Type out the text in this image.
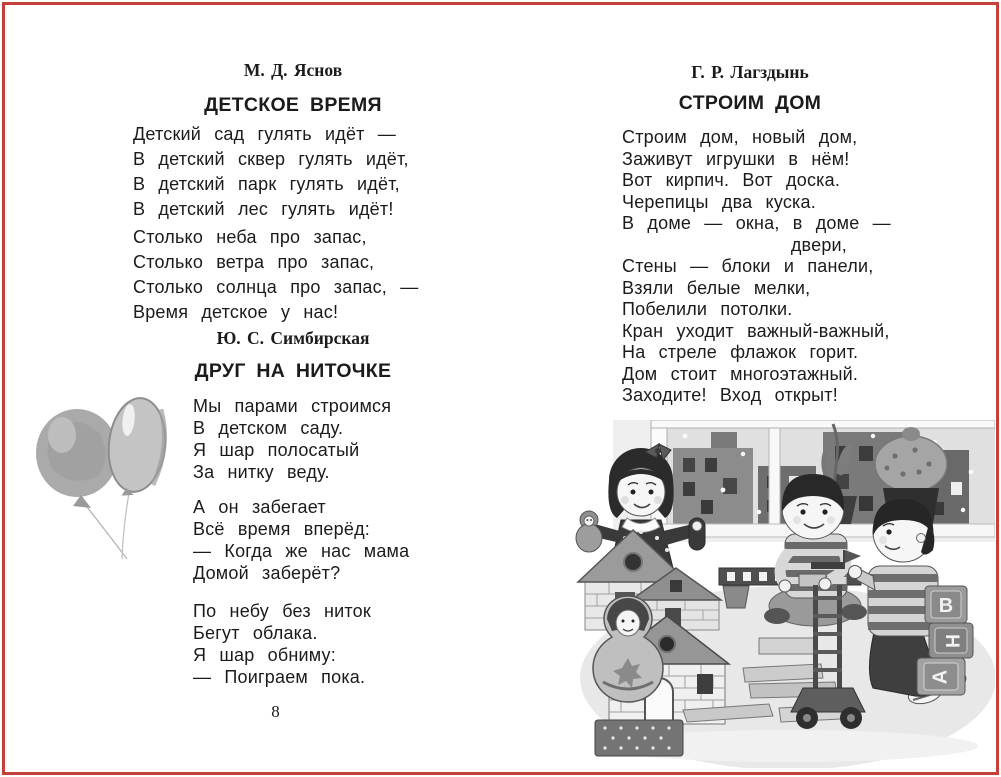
М. Д. Яснов
ДЕТСКОЕ ВРЕМЯ
Детский сад гулять идёт —
В детский сквер гулять идёт,
В детский парк гулять идёт,
В детский лес гулять идёт!
Столько неба про запас,
Столько ветра про запас,
Столько солнца про запас, —
Время детское у нас!
Ю. С. Симбирская
ДРУГ НА НИТОЧКЕ
Мы парами строимся
В детском саду.
Я шар полосатый
За нитку веду.
А он забегает
Всё время вперёд:
— Когда же нас мама
Домой заберёт?
По небу без ниток
Бегут облака.
Я шар обниму:
— Поиграем пока.
8
Г. Р. Лагздынь
СТРОИМ ДОМ
Строим дом, новый дом,
Заживут игрушки в нём!
Вот кирпич. Вот доска.
Черепицы два куска.
В доме — окна, в доме —
двери,
Стены — блоки и панели,
Взяли белые мелки,
Побелили потолки.
Кран уходит важный-важный,
На стреле флажок горит.
Дом стоит многоэтажный.
Заходите! Вход открыт!
В
Н
А
